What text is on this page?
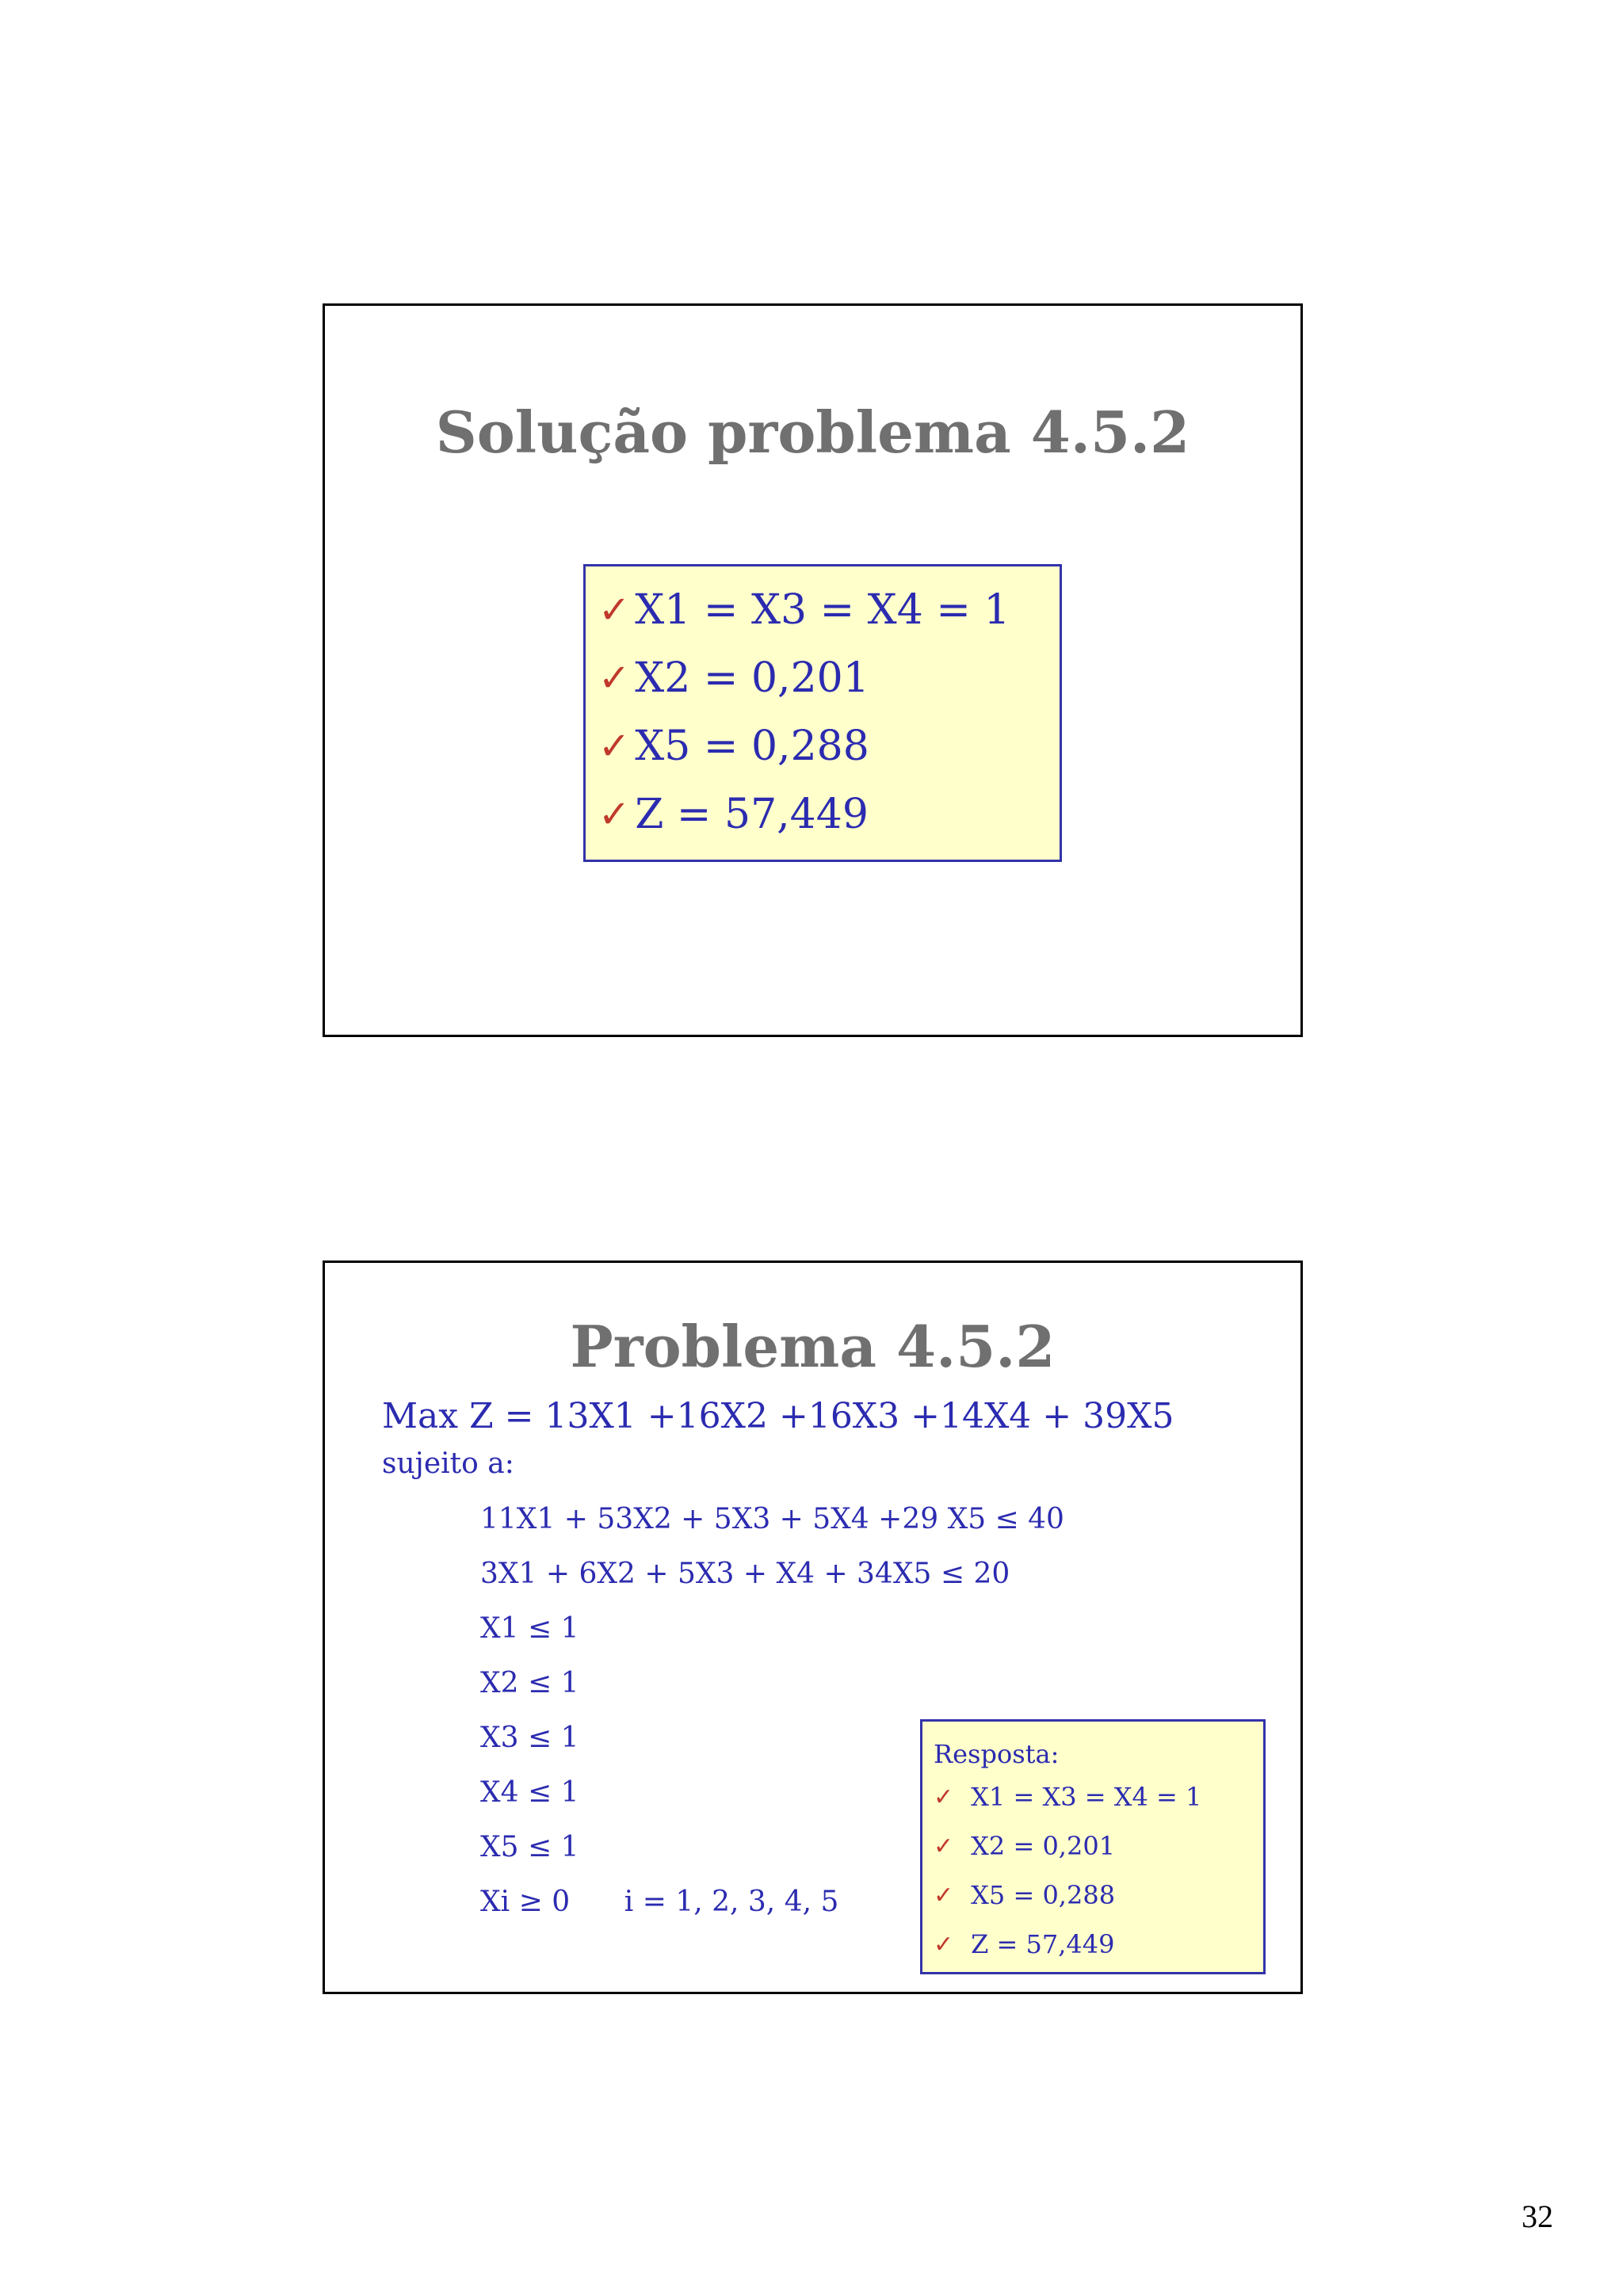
Solução problema 4.5.2
✓ X1 = X3 = X4 = 1
✓ X2 = 0,201
✓ X5 = 0,288
✓ Z = 57,449
Problema 4.5.2

Max Z = 13X1 +16X2 +16X3 +14X4 + 39X5

sujeito a:

11X1 + 53X2 + 5X3 + 5X4 +29 X5 ≤ 40

3X1 + 6X2 + 5X3 + X4 + 34X5 ≤ 20

X1 ≤ 1

X2 ≤ 1

X3 ≤ 1

X4 ≤ 1

X5 ≤ 1

Xi ≥ 0      i = 1, 2, 3, 4, 5

Resposta:
✓ X1 = X3 = X4 = 1
✓ X2 = 0,201
✓ X5 = 0,288
✓ Z = 57,449
32
